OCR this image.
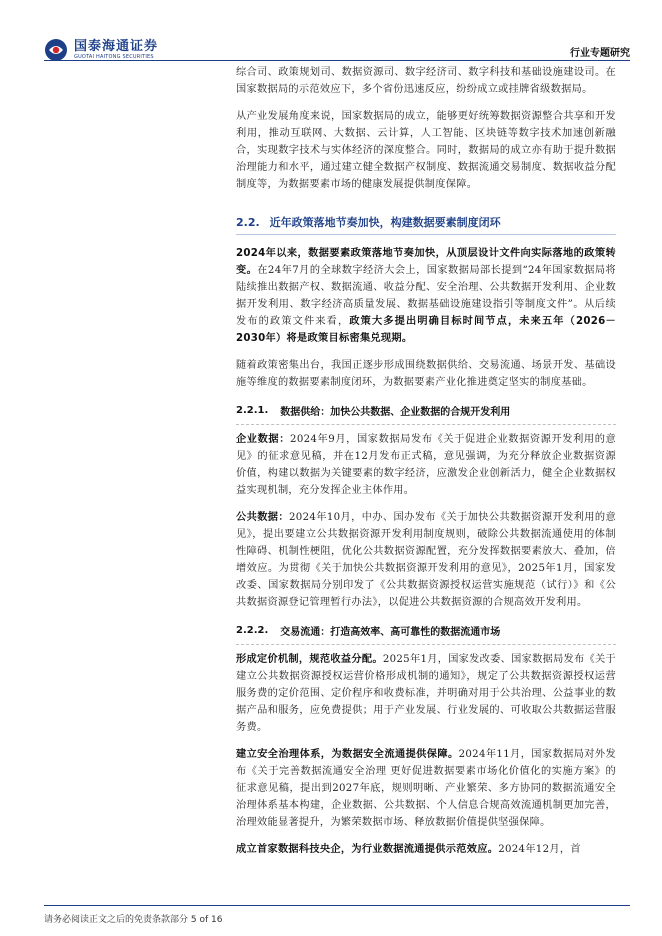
国泰海通证券
GUOTAI HAITONG SECURITIES	行业专题研究

综合司、政策规划司、数据资源司、数字经济司、数字科技和基础设施建设司。在国家数据局的示范效应下，多个省份迅速反应，纷纷成立或挂牌省级数据局。

从产业发展角度来说，国家数据局的成立，能够更好统筹数据资源整合共享和开发利用，推动互联网、大数据、云计算，人工智能、区块链等数字技术加速创新融合，实现数字技术与实体经济的深度整合。同时，数据局的成立亦有助于提升数据治理能力和水平，通过建立健全数据产权制度、数据流通交易制度、数据收益分配制度等，为数据要素市场的健康发展提供制度保障。

2.2. 近年政策落地节奏加快，构建数据要素制度闭环

2024年以来，数据要素政策落地节奏加快，从顶层设计文件向实际落地的政策转变。在24年7月的全球数字经济大会上，国家数据局部长提到“24年国家数据局将陆续推出数据产权、数据流通、收益分配、安全治理、公共数据开发利用、企业数据开发利用、数字经济高质量发展、数据基础设施建设指引等制度文件”。从后续发布的政策文件来看，政策大多提出明确目标时间节点，未来五年（2026－2030年）将是政策目标密集兑现期。

随着政策密集出台，我国正逐步形成围绕数据供给、交易流通、场景开发、基础设施等维度的数据要素制度闭环，为数据要素产业化推进奠定坚实的制度基础。

2.2.1. 数据供给：加快公共数据、企业数据的合规开发利用

企业数据：2024年9月，国家数据局发布《关于促进企业数据资源开发利用的意见》的征求意见稿，并在12月发布正式稿，意见强调，为充分释放企业数据资源价值，构建以数据为关键要素的数字经济，应激发企业创新活力，健全企业数据权益实现机制，充分发挥企业主体作用。

公共数据：2024年10月，中办、国办发布《关于加快公共数据资源开发利用的意见》，提出要建立公共数据资源开发利用制度规则，破除公共数据流通使用的体制性障碍、机制性梗阻，优化公共数据资源配置，充分发挥数据要素放大、叠加，倍增效应。为贯彻《关于加快公共数据资源开发利用的意见》，2025年1月，国家发改委、国家数据局分别印发了《公共数据资源授权运营实施规范（试行）》和《公共数据资源登记管理暂行办法》，以促进公共数据资源的合规高效开发利用。

2.2.2. 交易流通：打造高效率、高可靠性的数据流通市场

形成定价机制，规范收益分配。2025年1月，国家发改委、国家数据局发布《关于建立公共数据资源授权运营价格形成机制的通知》，规定了公共数据资源授权运营服务费的定价范围、定价程序和收费标准，并明确对用于公共治理、公益事业的数据产品和服务，应免费提供；用于产业发展、行业发展的、可收取公共数据运营服务费。

建立安全治理体系，为数据安全流通提供保障。2024年11月，国家数据局对外发布《关于完善数据流通安全治理 更好促进数据要素市场化价值化的实施方案》的征求意见稿，提出到2027年底，规则明晰、产业繁荣、多方协同的数据流通安全治理体系基本构建，企业数据、公共数据、个人信息合规高效流通机制更加完善，治理效能显著提升，为繁荣数据市场、释放数据价值提供坚强保障。

成立首家数据科技央企，为行业数据流通提供示范效应。2024年12月，首

请务必阅读正文之后的免责条款部分 5 of 16
